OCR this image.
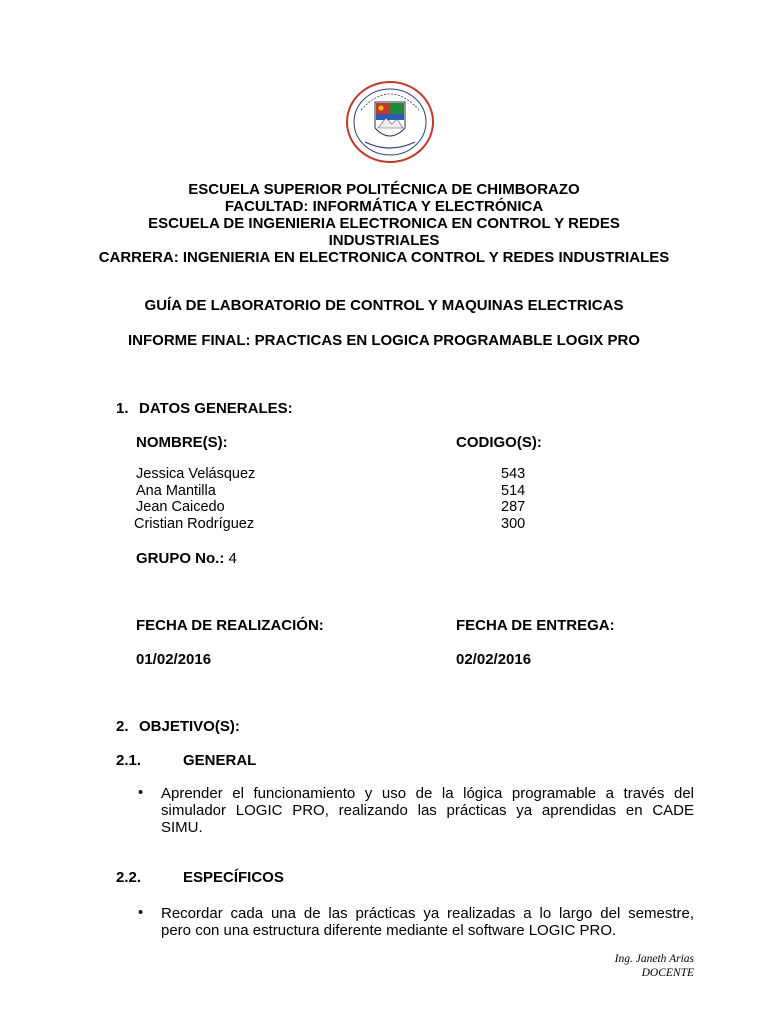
ESCUELA SUPERIOR POLITÉCNICA DE CHIMBORAZO
FACULTAD: INFORMÁTICA Y ELECTRÓNICA
ESCUELA DE INGENIERIA ELECTRONICA EN CONTROL Y REDES
INDUSTRIALES
CARRERA: INGENIERIA EN ELECTRONICA CONTROL Y REDES INDUSTRIALES
GUÍA DE LABORATORIO DE CONTROL Y MAQUINAS ELECTRICAS
INFORME FINAL: PRACTICAS EN LOGICA PROGRAMABLE LOGIX PRO
1. DATOS GENERALES:
NOMBRE(S):	CODIGO(S):
Jessica Velásquez	543
Ana Mantilla	514
Jean Caicedo	287
Cristian Rodríguez	300
GRUPO No.: 4
FECHA DE REALIZACIÓN:	FECHA DE ENTREGA:
01/02/2016	02/02/2016
2. OBJETIVO(S):
2.1.	GENERAL
• Aprender el funcionamiento y uso de la lógica programable a través del
simulador LOGIC PRO, realizando las prácticas ya aprendidas en CADE
SIMU.
2.2.	ESPECÍFICOS
• Recordar cada una de las prácticas ya realizadas a lo largo del semestre,
pero con una estructura diferente mediante el software LOGIC PRO.
Ing. Janeth Arias
DOCENTE
